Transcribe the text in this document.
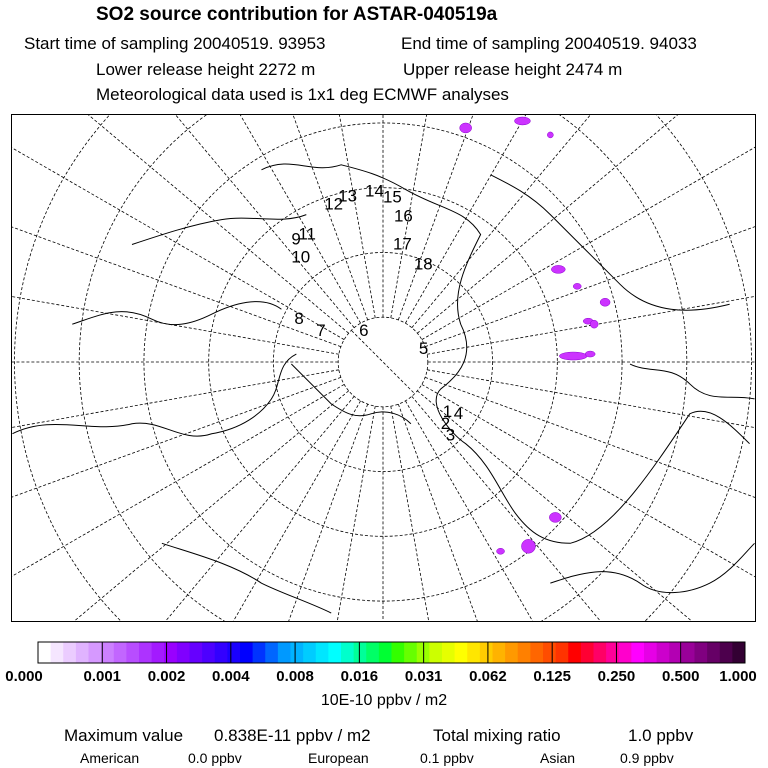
SO2 source contribution for ASTAR-040519a
Start time of sampling 20040519. 93953	End time of sampling 20040519. 94033
Lower release height 2272 m	Upper release height 2474 m
Meteorological data used is 1x1 deg ECMWF analyses
1
2
3
4
5
6
7
8
9
10
11
12
13 14 15
16
17
18
0.000	0.001 0.002 0.004 0.008 0.016 0.031 0.062 0.125 0.250 0.500 1.000
10E-10 ppbv / m2
Maximum value 0.838E-11 ppbv / m2	Total mixing ratio	1.0 ppbv
American	0.0 ppbv	European	0.1 ppbv	Asian	0.9 ppbv
